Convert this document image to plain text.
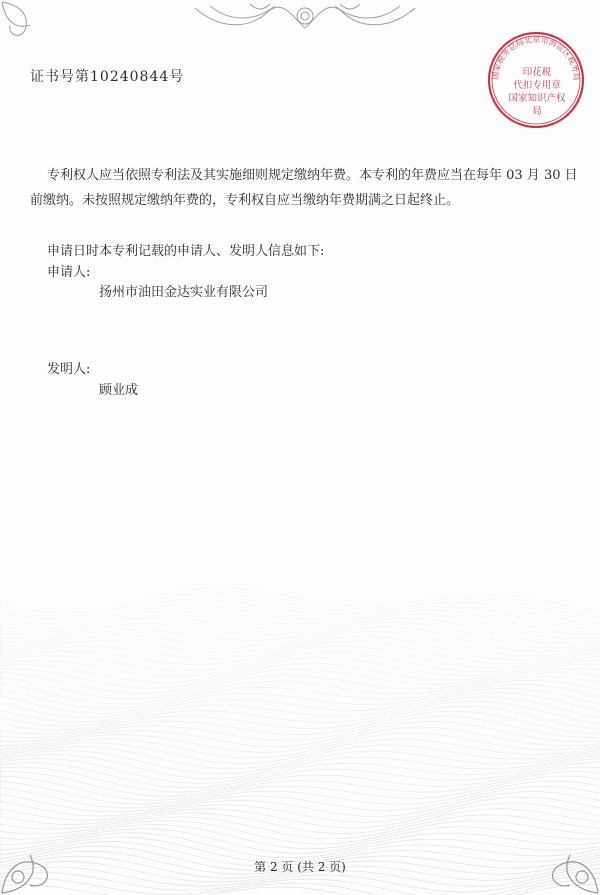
证书号第10240844号	国家税务总局北京市海淀区税务局
印花税
代扣专用章
国家知识产权局
专利权人应当依照专利法及其实施细则规定缴纳年费。本专利的年费应当在每年 03 月 30 日前缴纳。未按照规定缴纳年费的，专利权自应当缴纳年费期满之日起终止。
申请日时本专利记载的申请人、发明人信息如下:
申请人:
扬州市油田金达实业有限公司
发明人:
顾业成
第 2 页 (共 2 页)
